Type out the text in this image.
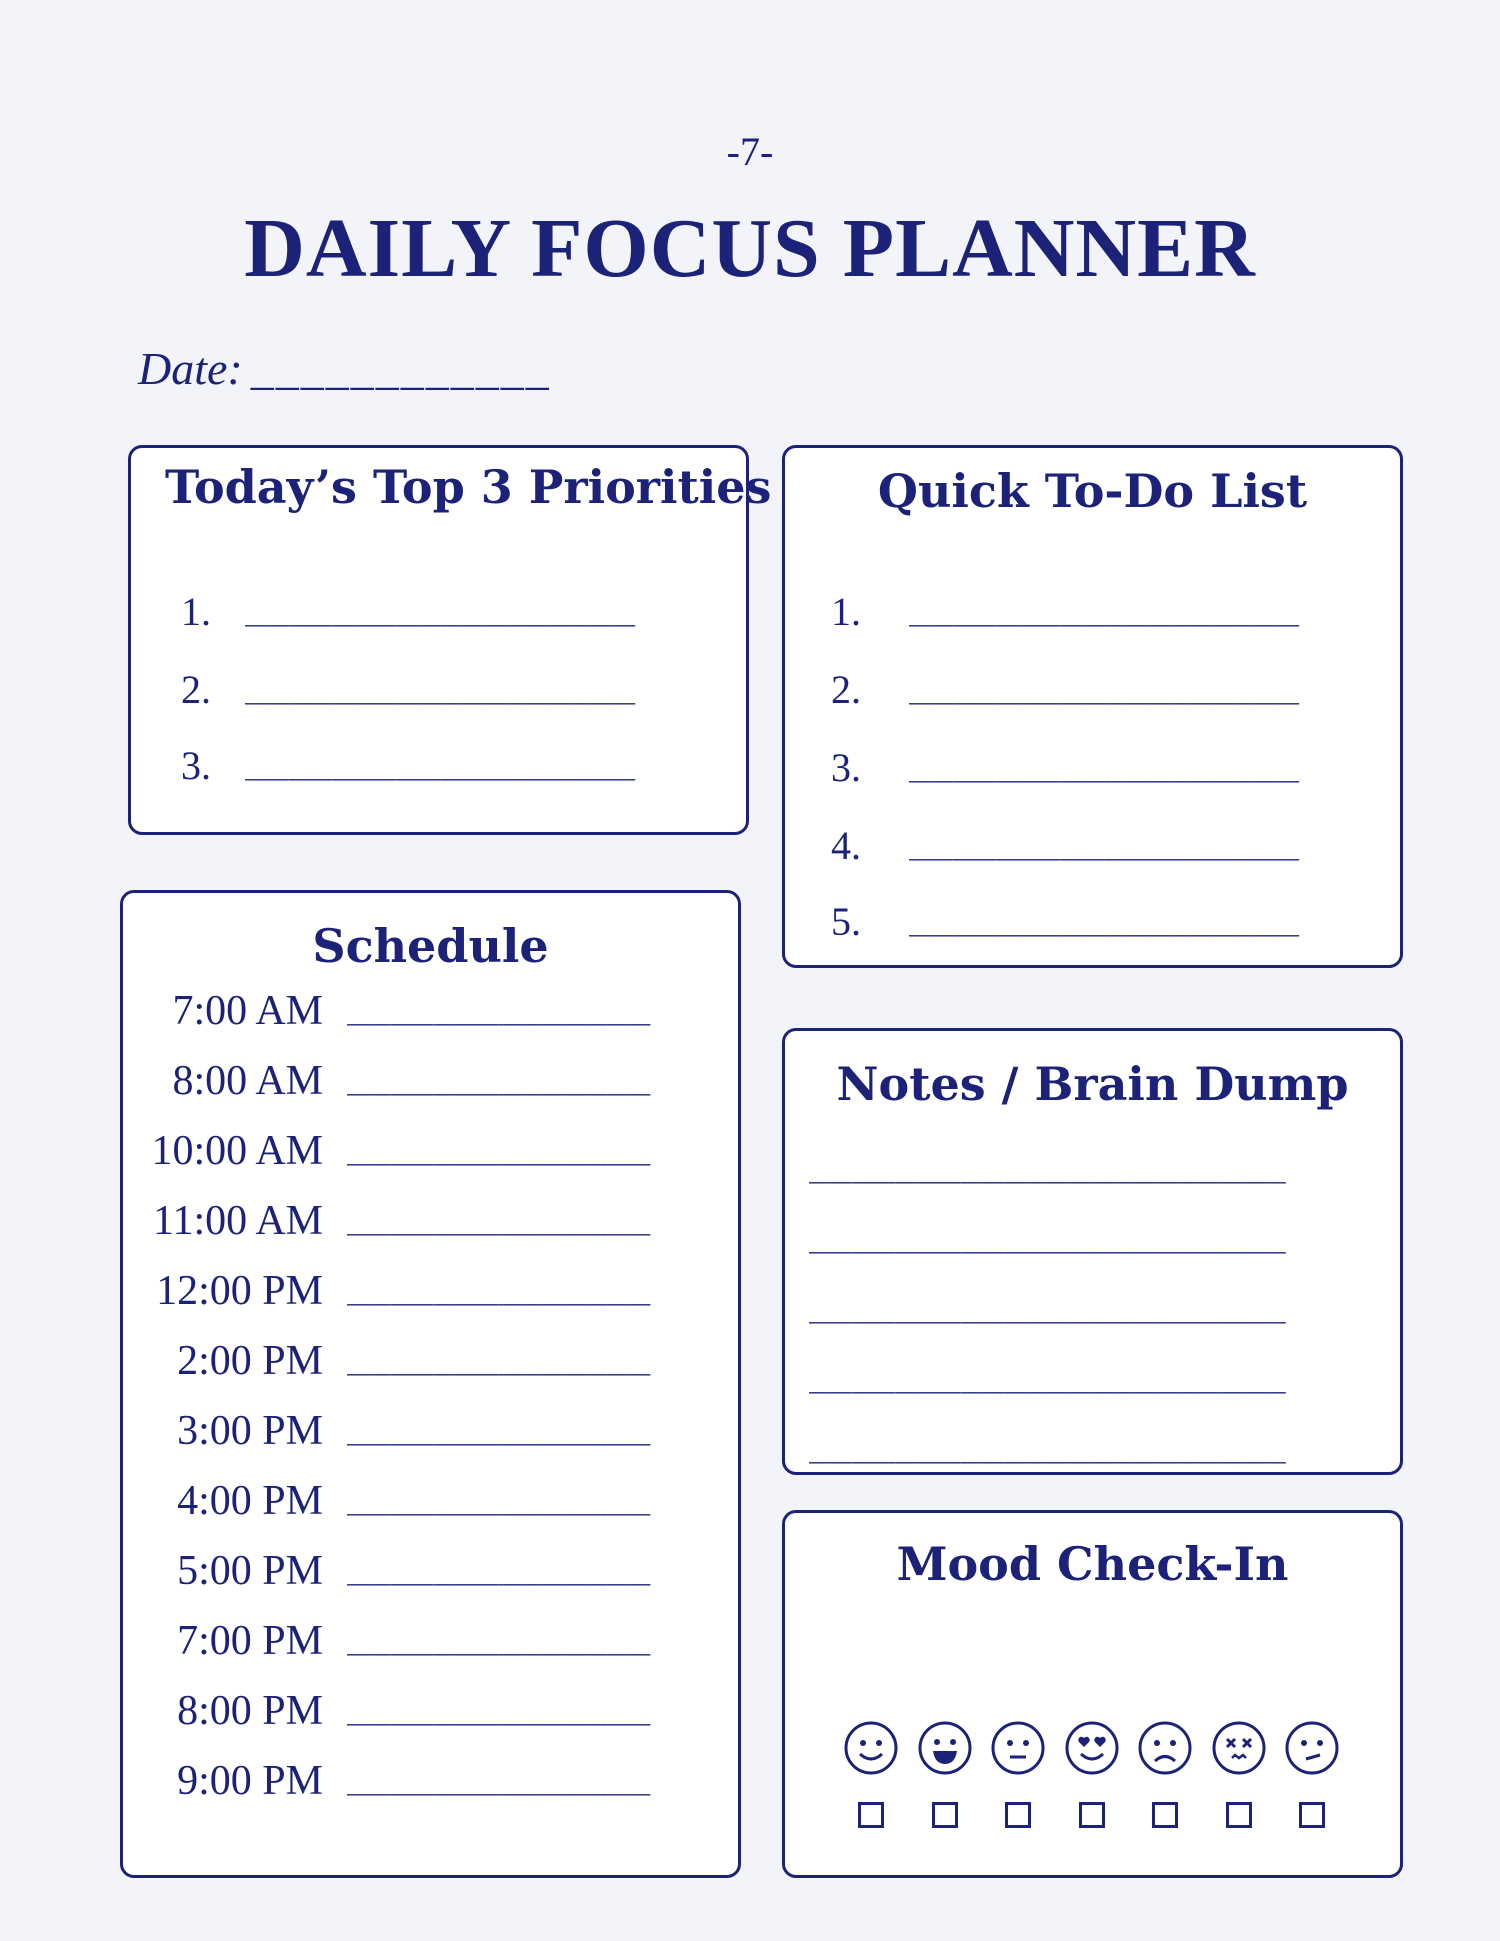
-7-
DAILY FOCUS PLANNER
Date: ____________
Today’s Top 3 Priorities
1. __________________
2. __________________
3. __________________
Quick To-Do List
1. __________________
2. __________________
3. __________________
4. __________________
5. __________________
Schedule
7:00 AM ______________
8:00 AM ______________
10:00 AM ______________
11:00 AM ______________
12:00 PM ______________
2:00 PM ______________
3:00 PM ______________
4:00 PM ______________
5:00 PM ______________
7:00 PM ______________
8:00 PM ______________
9:00 PM ______________
Notes / Brain Dump
______________________
______________________
______________________
______________________
______________________
Mood Check-In
